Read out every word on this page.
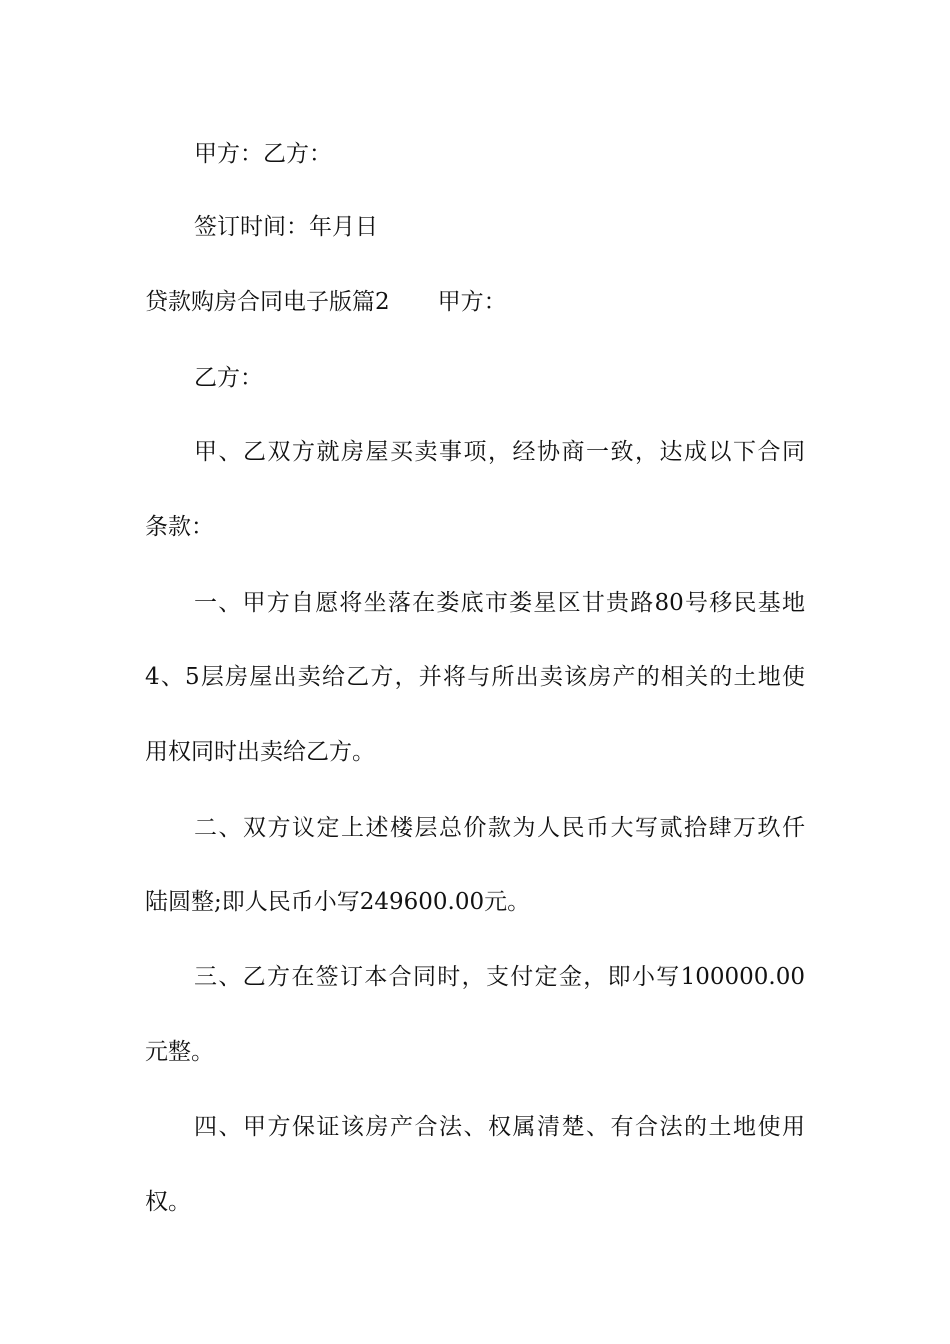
甲方：乙方：
签订时间：年月日
贷款购房合同电子版篇2 甲方：
乙方：
甲、乙双方就房屋买卖事项，经协商一致，达成以下合同
条款：
一、甲方自愿将坐落在娄底市娄星区甘贵路80号移民基地
4、5层房屋出卖给乙方，并将与所出卖该房产的相关的土地使
用权同时出卖给乙方。
二、双方议定上述楼层总价款为人民币大写贰拾肆万玖仟
陆圆整;即人民币小写249600.00元。
三、乙方在签订本合同时，支付定金，即小写100000.00
元整。
四、甲方保证该房产合法、权属清楚、有合法的土地使用
权。
